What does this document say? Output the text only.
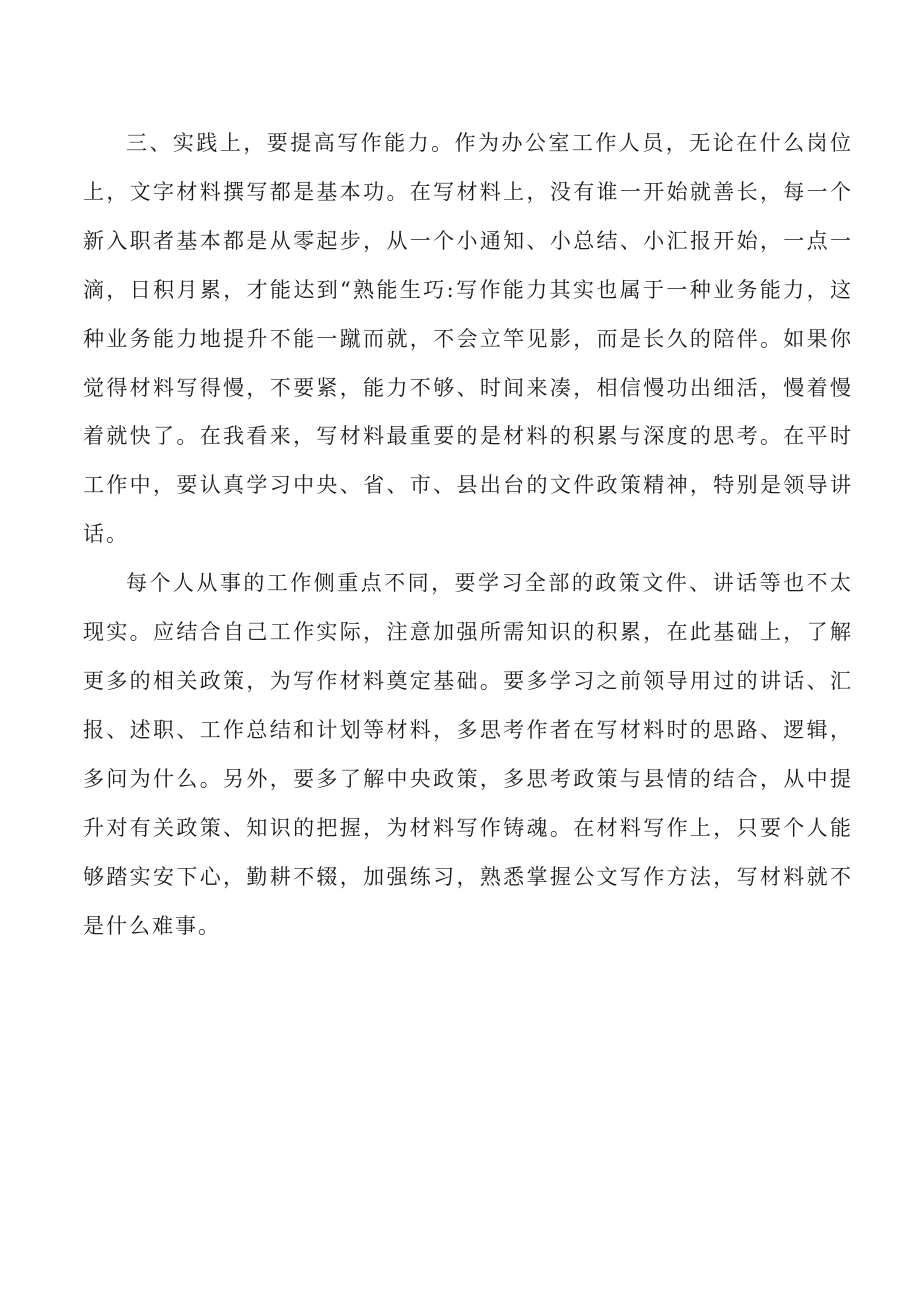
三、实践上，要提高写作能力。作为办公室工作人员，无论在什么岗位上，文字材料撰写都是基本功。在写材料上，没有谁一开始就善长，每一个新入职者基本都是从零起步，从一个小通知、小总结、小汇报开始，一点一滴，日积月累，才能达到“熟能生巧:写作能力其实也属于一种业务能力，这种业务能力地提升不能一蹴而就，不会立竿见影，而是长久的陪伴。如果你觉得材料写得慢，不要紧，能力不够、时间来凑，相信慢功出细活，慢着慢着就快了。在我看来，写材料最重要的是材料的积累与深度的思考。在平时工作中，要认真学习中央、省、市、县出台的文件政策精神，特别是领导讲话。

每个人从事的工作侧重点不同，要学习全部的政策文件、讲话等也不太现实。应结合自己工作实际，注意加强所需知识的积累，在此基础上，了解更多的相关政策，为写作材料奠定基础。要多学习之前领导用过的讲话、汇报、述职、工作总结和计划等材料，多思考作者在写材料时的思路、逻辑，多问为什么。另外，要多了解中央政策，多思考政策与县情的结合，从中提升对有关政策、知识的把握，为材料写作铸魂。在材料写作上，只要个人能够踏实安下心，勤耕不辍，加强练习，熟悉掌握公文写作方法，写材料就不是什么难事。
